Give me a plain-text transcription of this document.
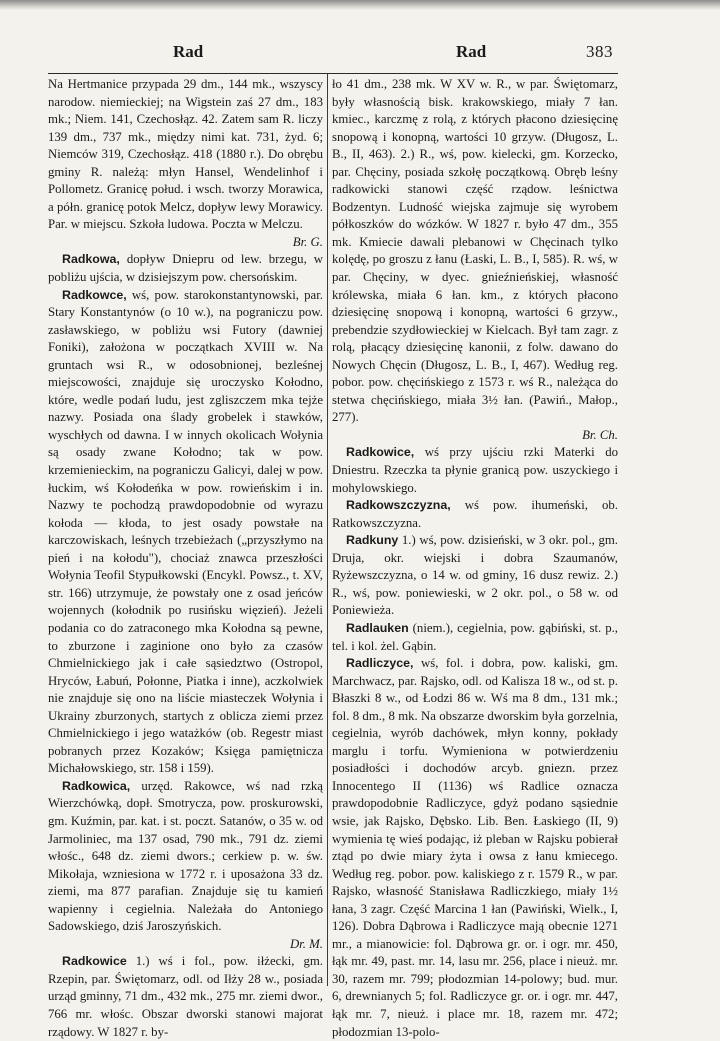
Rad	Rad	383

Na Hertmanice przypada 29 dm., 144 mk., wszyscy narodow. niemieckiej; na Wigstein zaś 27 dm., 183 mk.; Niem. 141, Czechosłąz. 42. Zatem sam R. liczy 139 dm., 737 mk., między nimi kat. 731, żyd. 6; Niemców 319, Czechosłąz. 418 (1880 r.). Do obrębu gminy R. należą: młyn Hansel, Wendelinhof i Pollometz. Granicę połud. i wsch. tworzy Morawica, a półn. granicę potok Melcz, dopływ lewy Morawicy. Par. w miejscu. Szkoła ludowa. Poczta w Melczu.

Br. G.

Radkowa, dopływ Dniepru od lew. brzegu, w pobliżu ujścia, w dzisiejszym pow. chersońskim.

Radkowce, wś, pow. starokonstantynowski, par. Stary Konstantynów (o 10 w.), na pograniczu pow. zasławskiego, w pobliżu wsi Futory (dawniej Foniki), założona w początkach XVIII w. Na gruntach wsi R., w odosobnionej, bezleśnej miejscowości, znajduje się uroczysko Kołodno, które, wedle podań ludu, jest zgliszczem mka tejże nazwy. Posiada ona ślady grobelek i stawków, wyschłych od dawna. I w innych okolicach Wołynia są osady zwane Kołodno; tak w pow. krzemienieckim, na pograniczu Galicyi, dalej w pow. łuckim, wś Kołodeńka w pow. rowieńskim i in. Nazwy te pochodzą prawdopodobnie od wyrazu kołoda — kłoda, to jest osady powstałe na karczowiskach, leśnych trzebieżach („przyszłymo na pień i na kołodu"), chociaż znawca przeszłości Wołynia Teofil Stypułkowski (Encykl. Powsz., t. XV, str. 166) utrzymuje, że powstały one z osad jeńców wojennych (kołodnik po rusińsku więzień). Jeżeli podania co do zatraconego mka Kołodna są pewne, to zburzone i zaginione ono było za czasów Chmielnickiego jak i całe sąsiedztwo (Ostropol, Hryców, Łabuń, Połonne, Piatka i inne), aczkolwiek nie znajduje się ono na liście miasteczek Wołynia i Ukrainy zburzonych, startych z oblicza ziemi przez Chmielnickiego i jego watażków (ob. Regestr miast pobranych przez Kozaków; Księga pamiętnicza Michałowskiego, str. 158 i 159).

Radkowica, urzęd. Rakowce, wś nad rzką Wierzchówką, dopł. Smotrycza, pow. proskurowski, gm. Kuźmin, par. kat. i st. poczt. Satanów, o 35 w. od Jarmoliniec, ma 137 osad, 790 mk., 791 dz. ziemi włośc., 648 dz. ziemi dwors.; cerkiew p. w. św. Mikołaja, wzniesiona w 1772 r. i uposażona 33 dz. ziemi, ma 877 parafian. Znajduje się tu kamień wapienny i cegielnia. Należała do Antoniego Sadowskiego, dziś Jaroszyńskich.

Dr. M.

Radkowice 1.) wś i fol., pow. iłżecki, gm. Rzepin, par. Świętomarz, odl. od Iłży 28 w., posiada urząd gminny, 71 dm., 432 mk., 275 mr. ziemi dwor., 766 mr. włośc. Obszar dworski stanowi majorat rządowy. W 1827 r. by-

ło 41 dm., 238 mk. W XV w. R., w par. Świętomarz, były własnością bisk. krakowskiego, miały 7 łan. kmiec., karczmę z rolą, z których płacono dziesięcinę snopową i konopną, wartości 10 grzyw. (Długosz, L. B., II, 463). 2.) R., wś, pow. kielecki, gm. Korzecko, par. Chęciny, posiada szkołę początkową. Obręb leśny radkowicki stanowi część rządow. leśnictwa Bodzentyn. Ludność wiejska zajmuje się wyrobem półkoszków do wózków. W 1827 r. było 47 dm., 355 mk. Kmiecie dawali plebanowi w Chęcinach tylko kolędę, po groszu z łanu (Łaski, L. B., I, 585). R. wś, w par. Chęciny, w dyec. gnieźnieńskiej, własność królewska, miała 6 łan. km., z których płacono dziesięcinę snopową i konopną, wartości 6 grzyw., prebendzie szydłowieckiej w Kielcach. Był tam zagr. z rolą, płacący dziesięcinę kanonii, z folw. dawano do Nowych Chęcin (Długosz, L. B., I, 467). Według reg. pobor. pow. chęcińskiego z 1573 r. wś R., należąca do stetwa chęcińskiego, miała 3½ łan. (Pawiń., Małop., 277).

Br. Ch.

Radkowice, wś przy ujściu rzki Materki do Dniestru. Rzeczka ta płynie granicą pow. uszyckiego i mohylowskiego.

Radkowszczyzna, wś pow. ihumeński, ob. Ratkowszczyzna.

Radkuny 1.) wś, pow. dzisieński, w 3 okr. pol., gm. Druja, okr. wiejski i dobra Szaumanów, Ryżewszczyzna, o 14 w. od gminy, 16 dusz rewiz. 2.) R., wś, pow. poniewieski, w 2 okr. pol., o 58 w. od Poniewieża.

Radlauken (niem.), cegielnia, pow. gąbiński, st. p., tel. i kol. żel. Gąbin.

Radliczyce, wś, fol. i dobra, pow. kaliski, gm. Marchwacz, par. Rajsko, odl. od Kalisza 18 w., od st. p. Błaszki 8 w., od Łodzi 86 w. Wś ma 8 dm., 131 mk.; fol. 8 dm., 8 mk. Na obszarze dworskim była gorzelnia, cegielnia, wyrób dachówek, młyn konny, pokłady marglu i torfu. Wymieniona w potwierdzeniu posiadłości i dochodów arcyb. gniezn. przez Innocentego II (1136) wś Radlice oznacza prawdopodobnie Radliczyce, gdyż podano sąsiednie wsie, jak Rajsko, Dębsko. Lib. Ben. Łaskiego (II, 9) wymienia tę wieś podając, iż pleban w Rajsku pobierał ztąd po dwie miary żyta i owsa z łanu kmiecego. Według reg. pobor. pow. kaliskiego z r. 1579 R., w par. Rajsko, własność Stanisława Radliczkiego, miały 1½ łana, 3 zagr. Część Marcina 1 łan (Pawiński, Wielk., I, 126). Dobra Dąbrowa i Radliczyce mają obecnie 1271 mr., a mianowicie: fol. Dąbrowa gr. or. i ogr. mr. 450, łąk mr. 49, past. mr. 14, lasu mr. 256, place i nieuż. mr. 30, razem mr. 799; płodozmian 14-polowy; bud. mur. 6, drewnianych 5; fol. Radliczyce gr. or. i ogr. mr. 447, łąk mr. 7, nieuż. i place mr. 18, razem mr. 472; płodozmian 13-polo-
